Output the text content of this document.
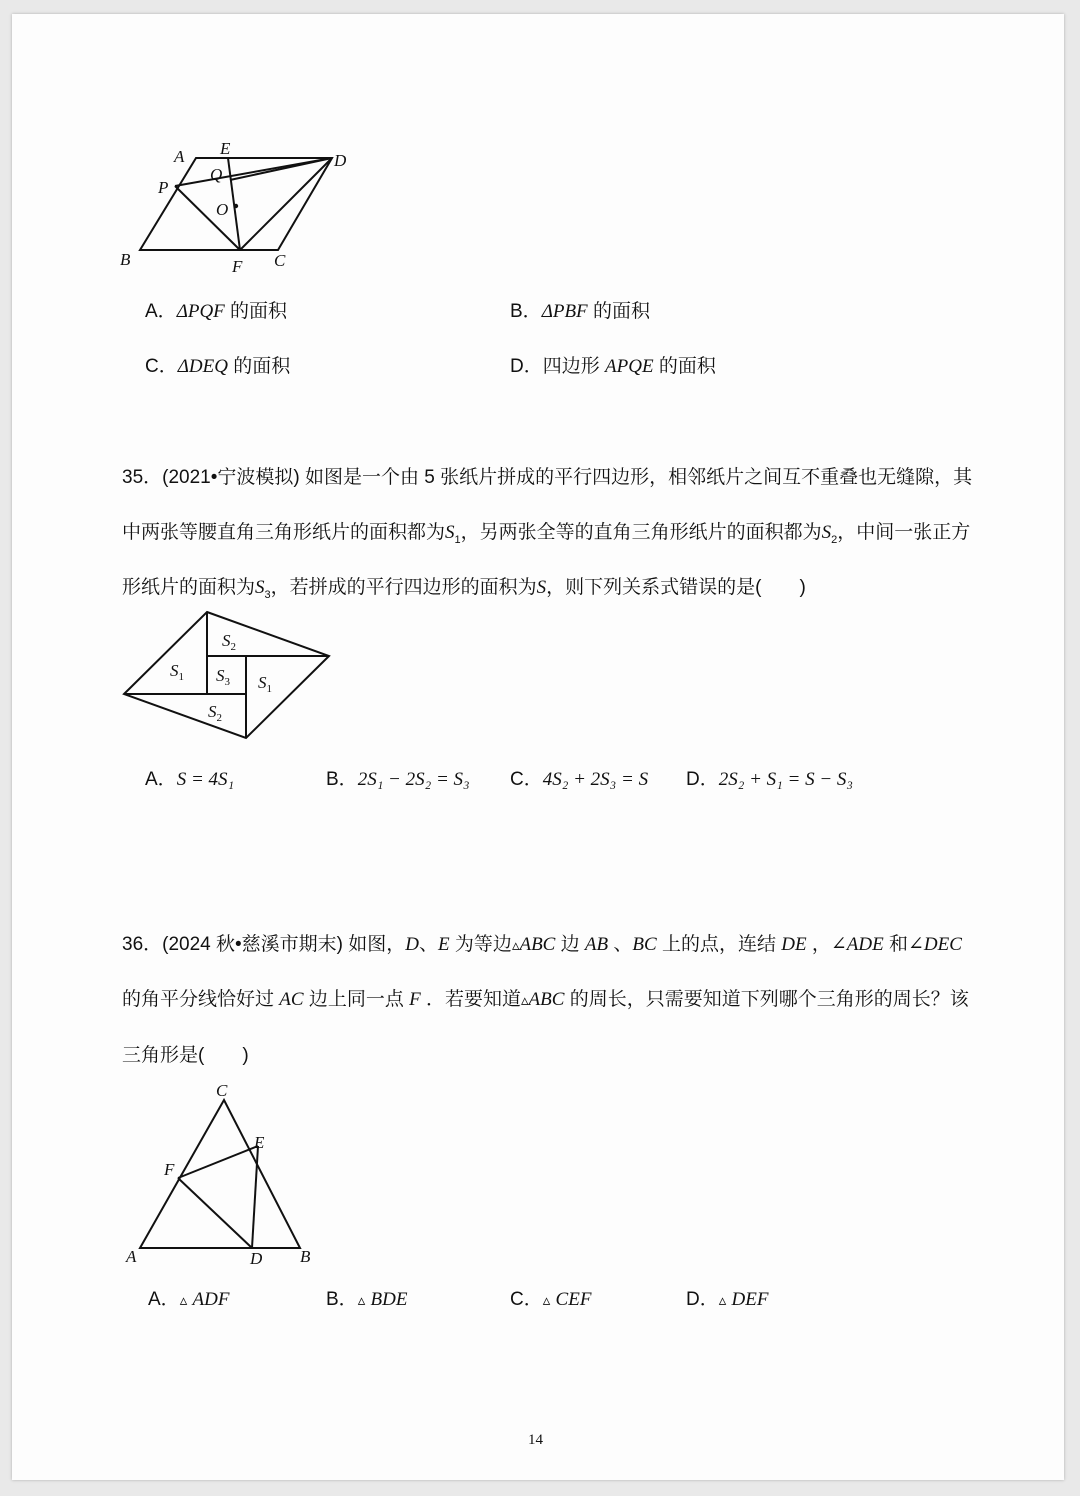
A E
D
Q
P
O
B	F C
A．ΔPQF 的面积	B．ΔPBF 的面积
C．ΔDEQ 的面积	D．四边形 APQE 的面积
35．(2021•宁波模拟) 如图是一个由 5 张纸片拼成的平行四边形，相邻纸片之间互不重叠也无缝隙，其
中两张等腰直角三角形纸片的面积都为$S_1$，另两张全等的直角三角形纸片的面积都为$S_2$，中间一张正方
形纸片的面积为$S_3$，若拼成的平行四边形的面积为S，则下列关系式错误的是(　　)
$S_2$
$S_1$ $S_3$ $S_1$
$S_2$
A．S = 4S₁	B．2S₁ − 2S₂ = S₃ C．4S₂ + 2S₃ = S D．2S₂ + S₁ = S − S₃
36．(2024 秋•慈溪市期末) 如图，D、E 为等边▵ABC 边 AB 、BC 上的点，连结 DE ，∠ADE 和∠DEC
的角平分线恰好过 AC 边上同一点 F ．若要知道▵ABC 的周长，只需要知道下列哪个三角形的周长？该
三角形是(　　)
C
E
F
A	D B
A．▵ ADF	B．▵ BDE	C．▵ CEF	D．▵ DEF
14
